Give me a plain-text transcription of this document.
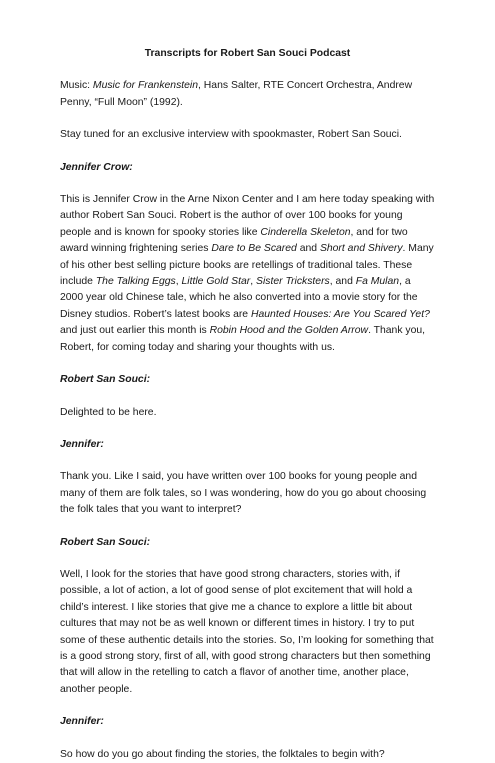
Transcripts for Robert San Souci Podcast

Music: Music for Frankenstein, Hans Salter, RTE Concert Orchestra, Andrew Penny, “Full Moon” (1992).

Stay tuned for an exclusive interview with spookmaster, Robert San Souci.

Jennifer Crow:

This is Jennifer Crow in the Arne Nixon Center and I am here today speaking with author Robert San Souci. Robert is the author of over 100 books for young people and is known for spooky stories like Cinderella Skeleton, and for two award winning frightening series Dare to Be Scared and Short and Shivery. Many of his other best selling picture books are retellings of traditional tales. These include The Talking Eggs, Little Gold Star, Sister Tricksters, and Fa Mulan, a 2000 year old Chinese tale, which he also converted into a movie story for the Disney studios. Robert’s latest books are Haunted Houses: Are You Scared Yet? and just out earlier this month is Robin Hood and the Golden Arrow. Thank you, Robert, for coming today and sharing your thoughts with us.

Robert San Souci:

Delighted to be here.

Jennifer:

Thank you. Like I said, you have written over 100 books for young people and many of them are folk tales, so I was wondering, how do you go about choosing the folk tales that you want to interpret?

Robert San Souci:

Well, I look for the stories that have good strong characters, stories with, if possible, a lot of action, a lot of good sense of plot excitement that will hold a child’s interest. I like stories that give me a chance to explore a little bit about cultures that may not be as well known or different times in history. I try to put some of these authentic details into the stories. So, I’m looking for something that is a good strong story, first of all, with good strong characters but then something that will allow in the retelling to catch a flavor of another time, another place, another people.

Jennifer:

So how do you go about finding the stories, the folktales to begin with?
